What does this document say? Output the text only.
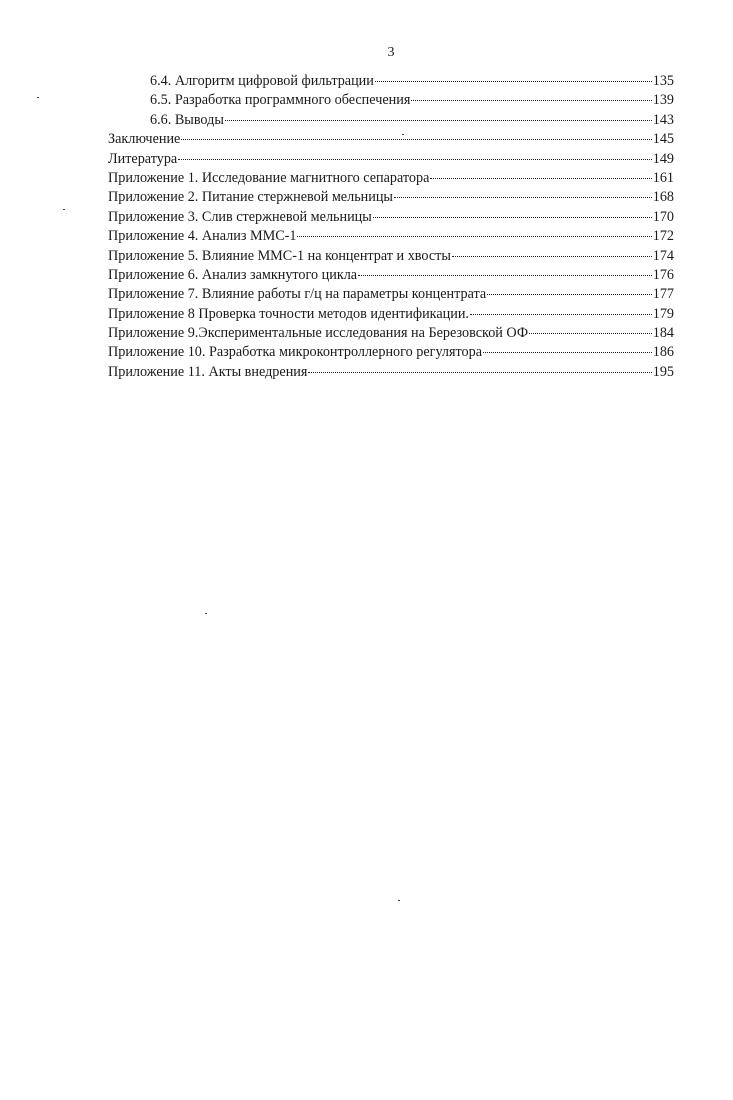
3
6.4. Алгоритм цифровой фильтрации	135
6.5. Разработка программного обеспечения	139
6.6. Выводы	143
Заключение	145
Литература	149
Приложение 1. Исследование магнитного сепаратора	161
Приложение 2. Питание стержневой мельницы	168
Приложение 3. Слив стержневой мельницы	170
Приложение 4. Анализ ММС-1	172
Приложение 5. Влияние ММС-1 на концентрат и хвосты	174
Приложение 6. Анализ замкнутого цикла	176
Приложение 7. Влияние работы г/ц на параметры концентрата	177
Приложение 8 Проверка точности методов идентификации.	179
Приложение 9.Экспериментальные исследования на Березовской ОФ	184
Приложение 10. Разработка микроконтроллерного регулятора	186
Приложение 11. Акты внедрения	195
